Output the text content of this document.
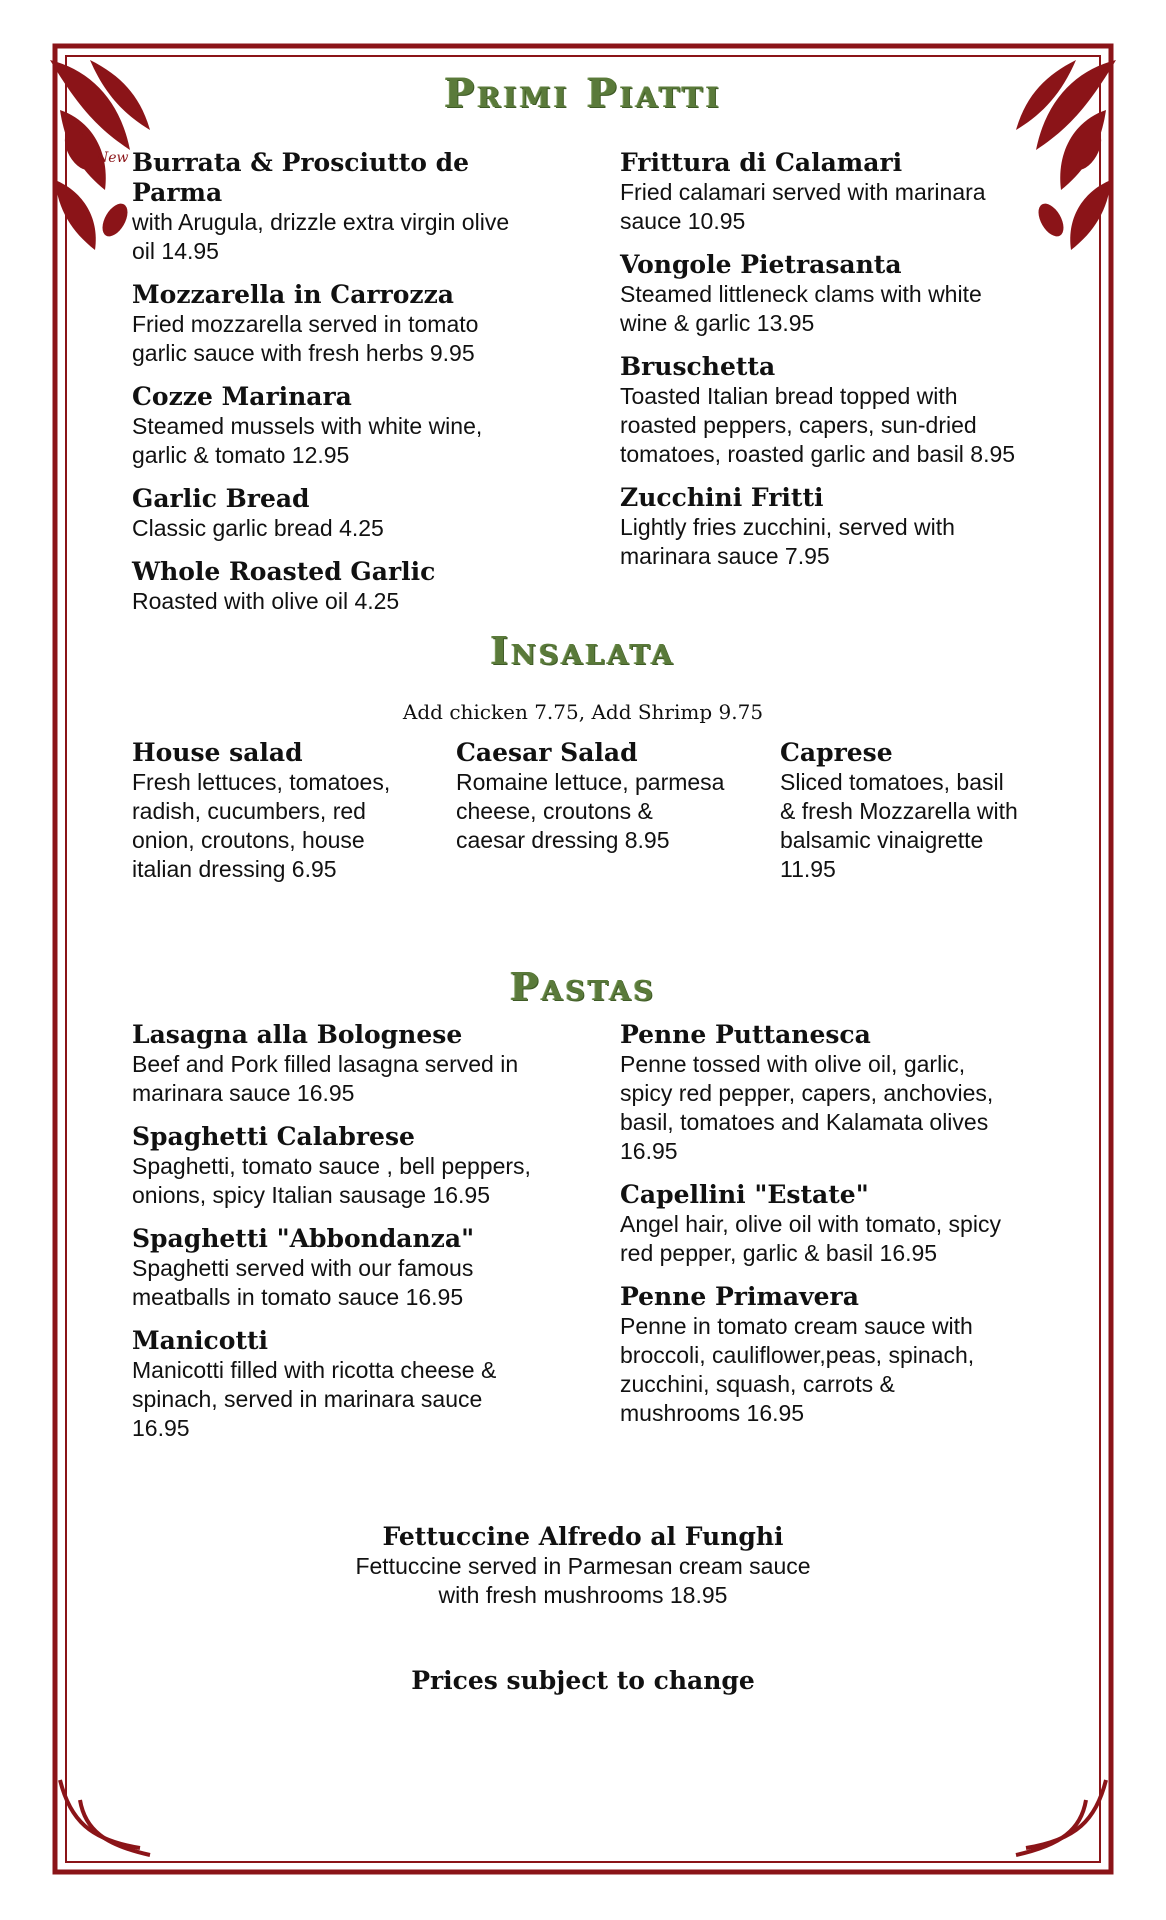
Primi Piatti
New Burrata & Prosciutto de Parma
with Arugula, drizzle extra virgin olive oil 14.95
Mozzarella in Carrozza
Fried mozzarella served in tomato garlic sauce with fresh herbs 9.95
Cozze Marinara
Steamed mussels with white wine, garlic & tomato 12.95
Garlic Bread
Classic garlic bread 4.25
Whole Roasted Garlic
Roasted with olive oil 4.25
Frittura di Calamari
Fried calamari served with marinara sauce 10.95
Vongole Pietrasanta
Steamed littleneck clams with white wine & garlic 13.95
Bruschetta
Toasted Italian bread topped with roasted peppers, capers, sun-dried tomatoes, roasted garlic and basil 8.95
Zucchini Fritti
Lightly fries zucchini, served with marinara sauce 7.95
Insalata
Add chicken 7.75, Add Shrimp 9.75
House salad
Fresh lettuces, tomatoes, radish, cucumbers, red onion, croutons, house italian dressing 6.95
Caesar Salad
Romaine lettuce, parmesa cheese, croutons & caesar dressing 8.95
Caprese
Sliced tomatoes, basil & fresh Mozzarella with balsamic vinaigrette 11.95
Pastas
Lasagna alla Bolognese
Beef and Pork filled lasagna served in marinara sauce 16.95
Spaghetti Calabrese
Spaghetti, tomato sauce , bell peppers, onions, spicy Italian sausage 16.95
Spaghetti "Abbondanza"
Spaghetti served with our famous meatballs in tomato sauce 16.95
Manicotti
Manicotti filled with ricotta cheese & spinach, served in marinara sauce 16.95
Penne Puttanesca
Penne tossed with olive oil, garlic, spicy red pepper, capers, anchovies, basil, tomatoes and Kalamata olives 16.95
Capellini "Estate"
Angel hair, olive oil with tomato, spicy red pepper, garlic & basil 16.95
Penne Primavera
Penne in tomato cream sauce with broccoli, cauliflower,peas, spinach, zucchini, squash, carrots & mushrooms 16.95
Fettuccine Alfredo al Funghi
Fettuccine served in Parmesan cream sauce
with fresh mushrooms 18.95
Prices subject to change
